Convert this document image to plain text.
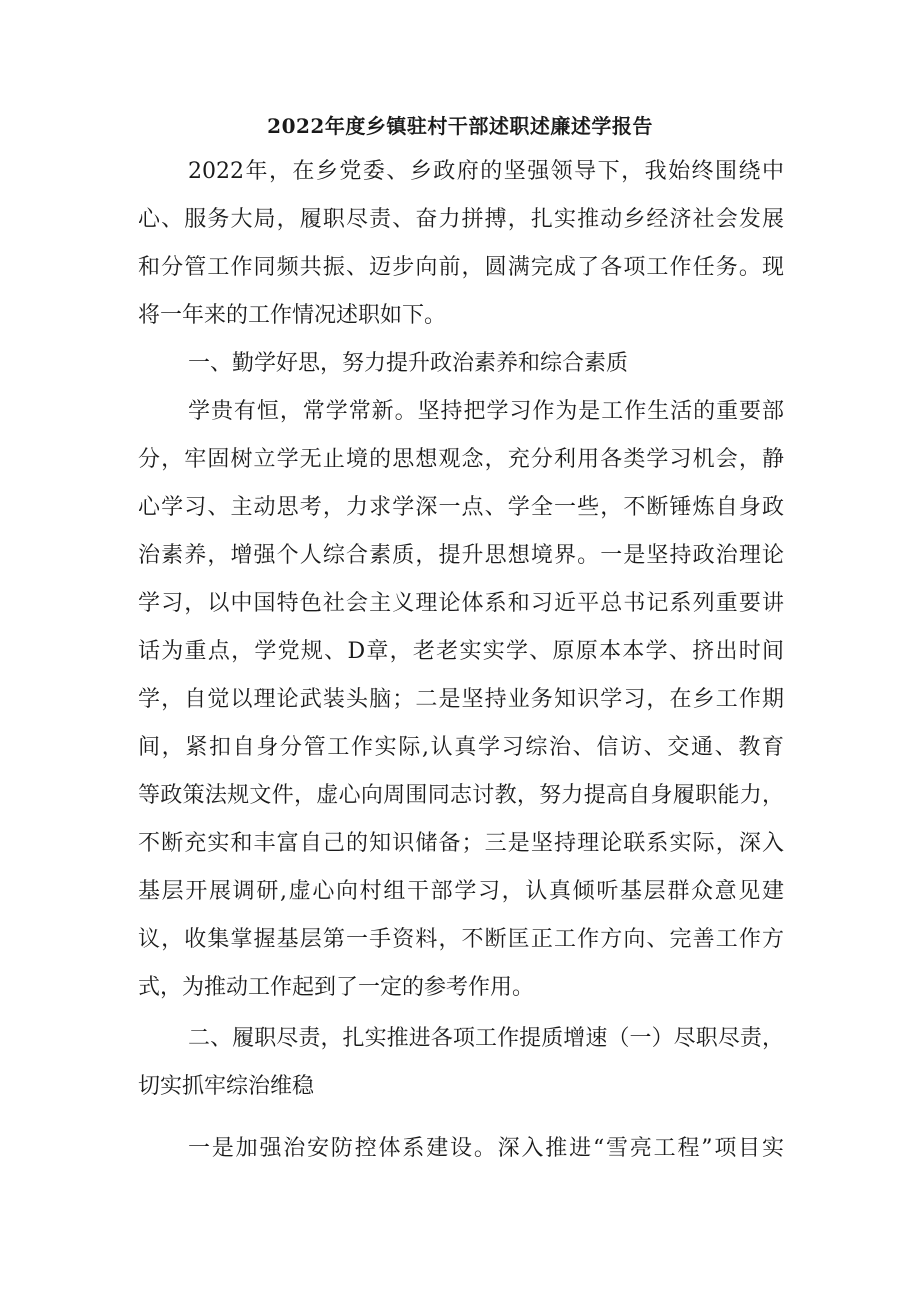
2022年度乡镇驻村干部述职述廉述学报告

2022年，在乡党委、乡政府的坚强领导下，我始终围绕中

心、服务大局，履职尽责、奋力拼搏，扎实推动乡经济社会发展

和分管工作同频共振、迈步向前，圆满完成了各项工作任务。现

将一年来的工作情况述职如下。

一、勤学好思，努力提升政治素养和综合素质

学贵有恒，常学常新。坚持把学习作为是工作生活的重要部

分，牢固树立学无止境的思想观念，充分利用各类学习机会，静

心学习、主动思考，力求学深一点、学全一些，不断锤炼自身政

治素养，增强个人综合素质，提升思想境界。一是坚持政治理论

学习，以中国特色社会主义理论体系和习近平总书记系列重要讲

话为重点，学党规、D章，老老实实学、原原本本学、挤出时间

学，自觉以理论武装头脑；二是坚持业务知识学习，在乡工作期

间，紧扣自身分管工作实际,认真学习综治、信访、交通、教育

等政策法规文件，虚心向周围同志讨教，努力提高自身履职能力，

不断充实和丰富自己的知识储备；三是坚持理论联系实际，深入

基层开展调研,虚心向村组干部学习，认真倾听基层群众意见建

议，收集掌握基层第一手资料，不断匡正工作方向、完善工作方

式，为推动工作起到了一定的参考作用。

二、履职尽责，扎实推进各项工作提质增速（一）尽职尽责，

切实抓牢综治维稳

一是加强治安防控体系建设。深入推进“雪亮工程”项目实
